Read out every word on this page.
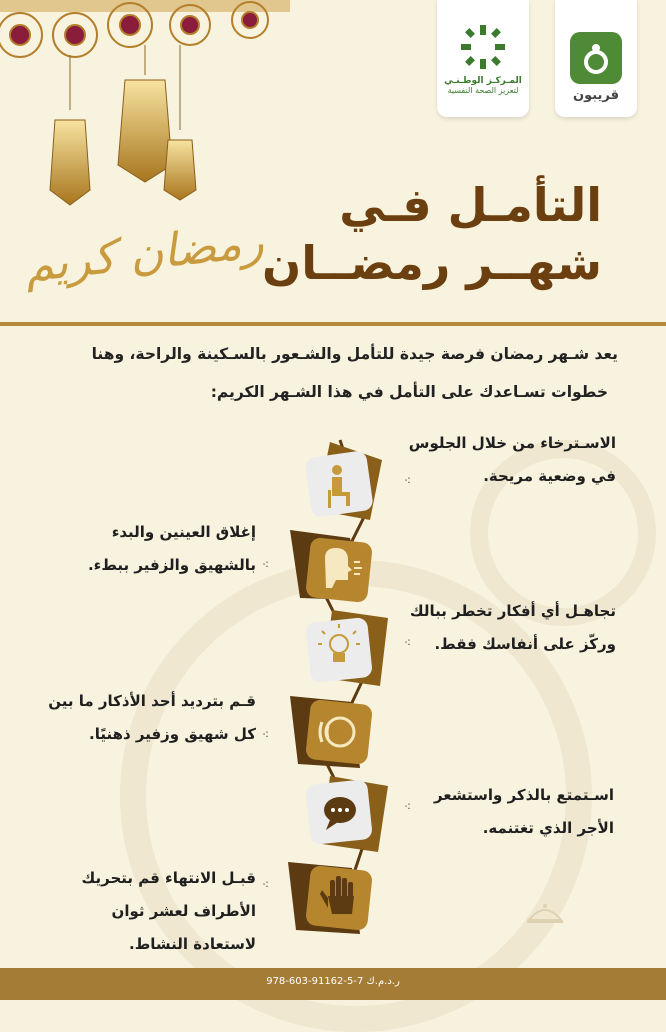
قريبون
المـركـز الوطـنـي
لتعزيز الصحة النفسية
التأمـل فـي
شهــر رمضــان
رمضان كريم
يعد شـهر رمضان فرصة جيدة للتأمل والشـعور بالسـكينة والراحة، وهنا
خطوات تسـاعدك على التأمل في هذا الشـهر الكريم:
الاسـترخاء من خلال الجلوس
في وضعية مريحة.
⁖
إغلاق العينين والبدء
بالشهيق والزفير ببطء. ⁖
تجاهـل أي أفكار تخطر ببالك
وركّز على أنفاسك فقط.
⁖
قـم بترديد أحد الأذكار ما بين
كل شهيق وزفير ذهنيًا. ⁖
اسـتمتع بالذكر واستشعر
الأجر الذي تغتنمه.
⁖
قبـل الانتهاء قم بتحريك
الأطراف لعشر ثوان
لاستعادة النشاط.
⁖
978-603-91162-5-7 ر.د.م.ك
